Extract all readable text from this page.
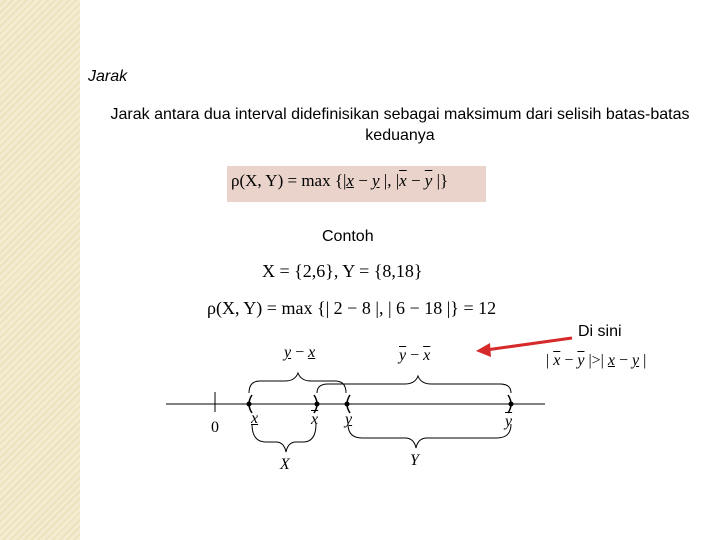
Jarak
Jarak antara dua interval didefinisikan sebagai maksimum dari selisih batas-batas keduanya
ρ(X, Y) = max {|x − y |, $|\overline{x} - \overline{y}$ |}
Contoh
X = {2,6}, Y = {8,18}
ρ(X, Y) = max {| 2 − 8 |, | 6 − 18 |} = 12
Di sini
y − x	$\overline{y} - \overline{x}$	| $\overline{x} - \overline{y}$ |>| x − y |
0
x	$\overline{x}$ y	$\overline{y}$
X	Y
